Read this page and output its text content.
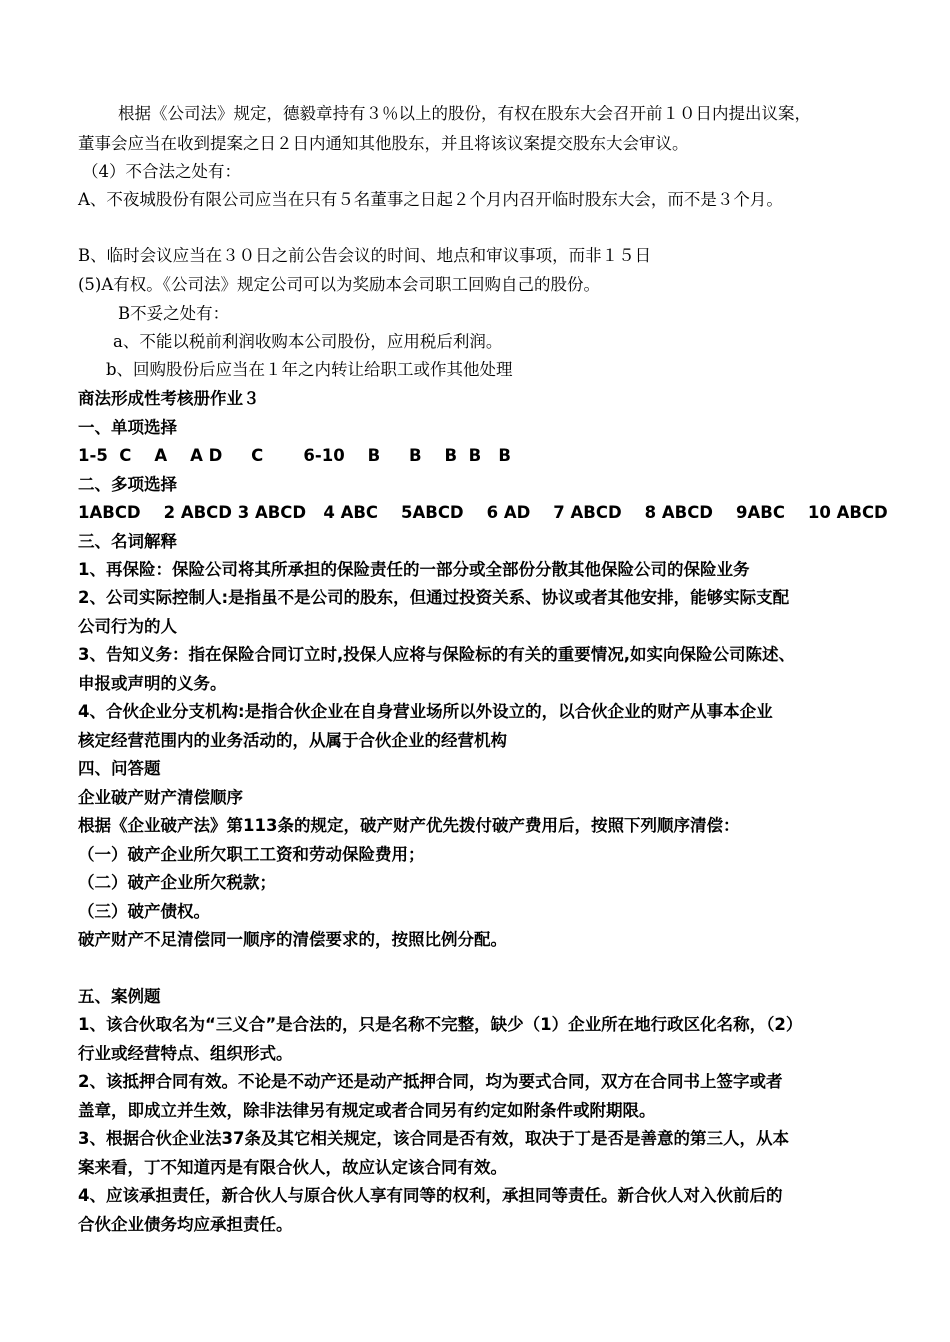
根据《公司法》规定，德毅章持有３％以上的股份，有权在股东大会召开前１０日内提出议案，
董事会应当在收到提案之日２日内通知其他股东，并且将该议案提交股东大会审议。
（4）不合法之处有：
A、不夜城股份有限公司应当在只有５名董事之日起２个月内召开临时股东大会，而不是３个月。
B、临时会议应当在３０日之前公告会议的时间、地点和审议事项，而非１５日
(5)A有权。《公司法》规定公司可以为奖励本会司职工回购自己的股份。
B不妥之处有：
a、不能以税前利润收购本公司股份，应用税后利润。
b、回购股份后应当在１年之内转让给职工或作其他处理
商法形成性考核册作业３
一、单项选择
1-5  C    A    A D     C       6-10    B     B    B  B   B
二、多项选择
1ABCD    2 ABCD 3 ABCD   4 ABC    5ABCD    6 AD    7 ABCD    8 ABCD    9ABC    10 ABCD
三、名词解释
1、再保险：保险公司将其所承担的保险责任的一部分或全部份分散其他保险公司的保险业务
2、公司实际控制人:是指虽不是公司的股东，但通过投资关系、协议或者其他安排，能够实际支配
公司行为的人
3、告知义务：指在保险合同订立时,投保人应将与保险标的有关的重要情况,如实向保险公司陈述、
申报或声明的义务。
4、合伙企业分支机构:是指合伙企业在自身营业场所以外设立的，以合伙企业的财产从事本企业
核定经营范围内的业务活动的，从属于合伙企业的经营机构
四、问答题
企业破产财产清偿顺序
根据《企业破产法》第113条的规定，破产财产优先拨付破产费用后，按照下列顺序清偿：
（一）破产企业所欠职工工资和劳动保险费用；
（二）破产企业所欠税款；
（三）破产债权。
破产财产不足清偿同一顺序的清偿要求的，按照比例分配。
五、案例题
1、该合伙取名为“三义合”是合法的，只是名称不完整，缺少（1）企业所在地行政区化名称，（2）
行业或经营特点、组织形式。
2、该抵押合同有效。不论是不动产还是动产抵押合同，均为要式合同，双方在合同书上签字或者
盖章，即成立并生效，除非法律另有规定或者合同另有约定如附条件或附期限。
3、根据合伙企业法37条及其它相关规定，该合同是否有效，取决于丁是否是善意的第三人，从本
案来看，丁不知道丙是有限合伙人，故应认定该合同有效。
4、应该承担责任，新合伙人与原合伙人享有同等的权利，承担同等责任。新合伙人对入伙前后的
合伙企业债务均应承担责任。
